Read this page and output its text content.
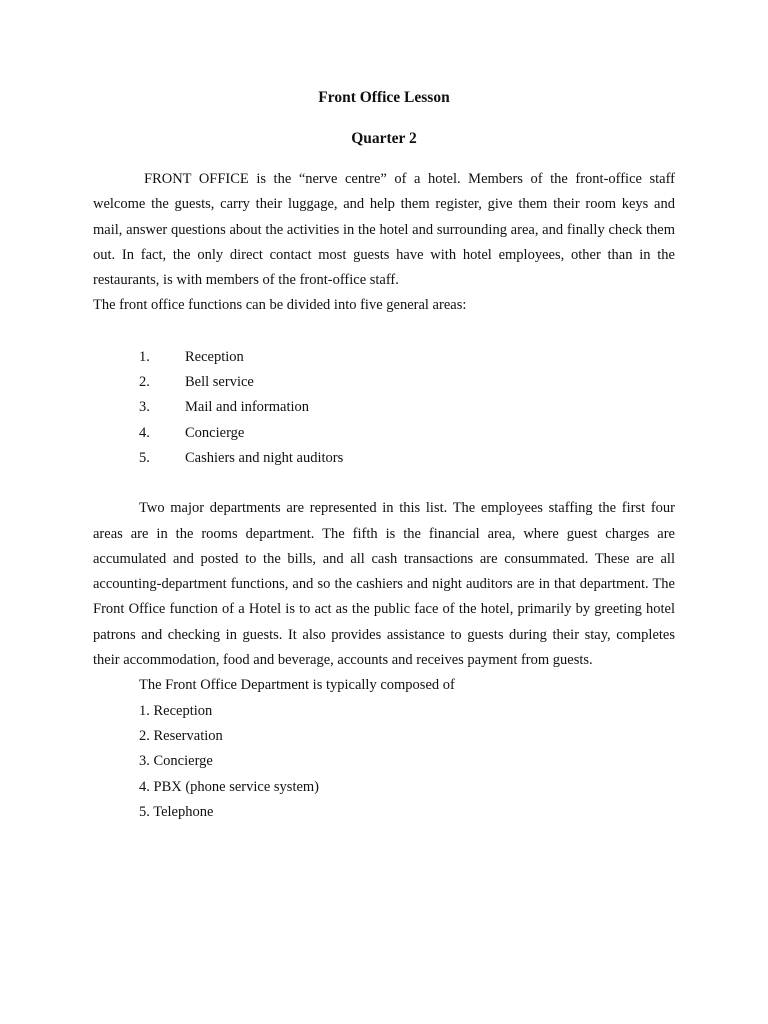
Front Office Lesson
Quarter 2

FRONT OFFICE is the “nerve centre” of a hotel. Members of the front-office staff welcome the guests, carry their luggage, and help them register, give them their room keys and mail, answer questions about the activities in the hotel and surrounding area, and finally check them out. In fact, the only direct contact most guests have with hotel employees, other than in the restaurants, is with members of the front-office staff.

The front office functions can be divided into five general areas:

1.	Reception
2.	Bell service
3.	Mail and information
4.	Concierge
5.	Cashiers and night auditors

Two major departments are represented in this list. The employees staffing the first four areas are in the rooms department. The fifth is the financial area, where guest charges are accumulated and posted to the bills, and all cash transactions are consummated. These are all accounting-department functions, and so the cashiers and night auditors are in that department. The Front Office function of a Hotel is to act as the public face of the hotel, primarily by greeting hotel patrons and checking in guests. It also provides assistance to guests during their stay, completes their accommodation, food and beverage, accounts and receives payment from guests.

The Front Office Department is typically composed of

1. Reception
2. Reservation
3. Concierge
4. PBX (phone service system)
5. Telephone
